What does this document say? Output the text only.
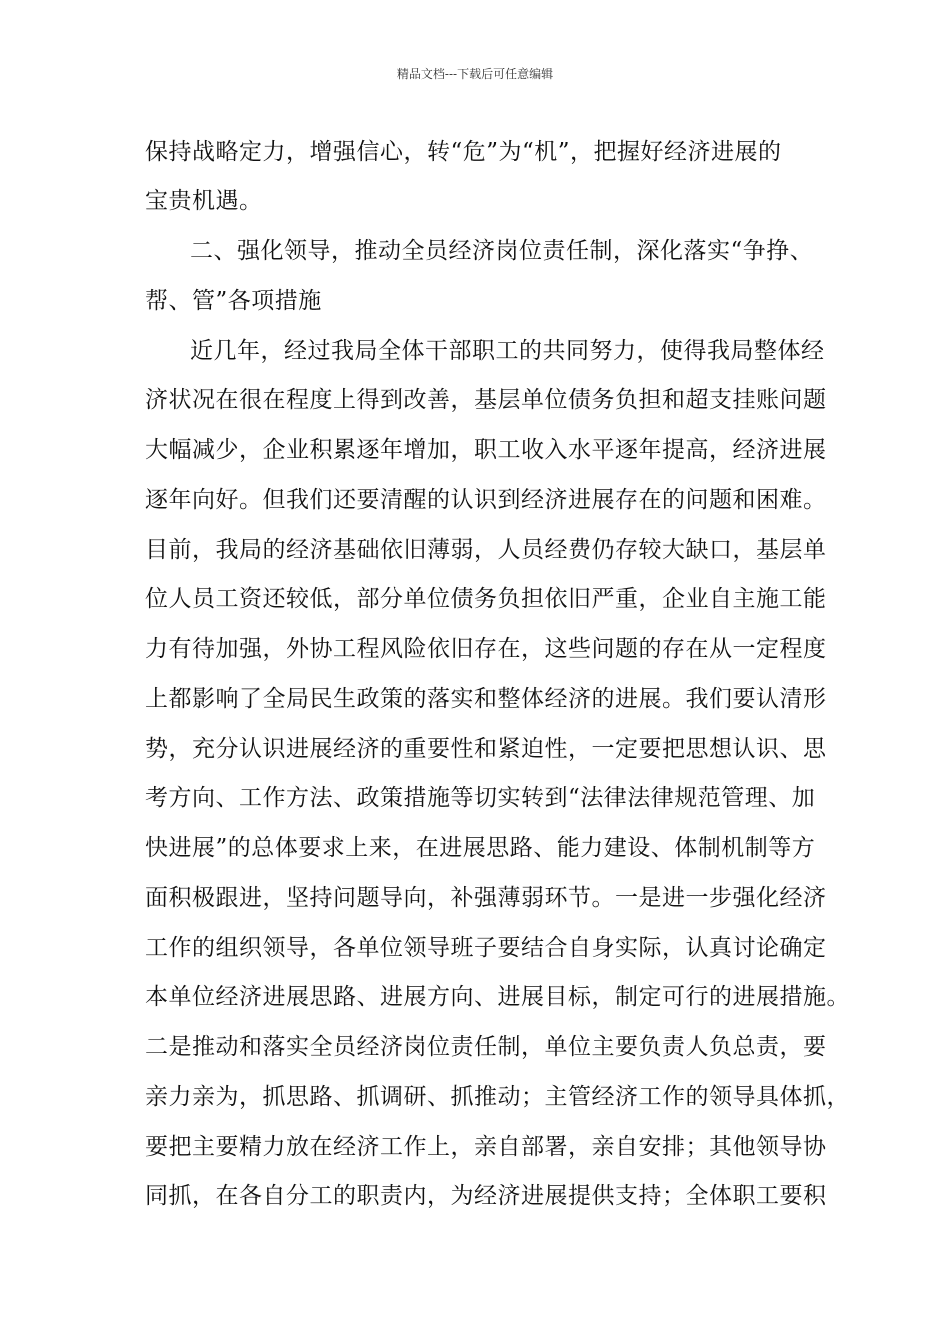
精品文档---下载后可任意编辑
保持战略定力，增强信心，转“危”为“机”，把握好经济进展的
宝贵机遇。
二、强化领导，推动全员经济岗位责任制，深化落实“争挣、
帮、管”各项措施
近几年，经过我局全体干部职工的共同努力，使得我局整体经
济状况在很在程度上得到改善，基层单位债务负担和超支挂账问题
大幅减少，企业积累逐年增加，职工收入水平逐年提高，经济进展
逐年向好。但我们还要清醒的认识到经济进展存在的问题和困难。
目前，我局的经济基础依旧薄弱，人员经费仍存较大缺口，基层单
位人员工资还较低，部分单位债务负担依旧严重，企业自主施工能
力有待加强，外协工程风险依旧存在，这些问题的存在从一定程度
上都影响了全局民生政策的落实和整体经济的进展。我们要认清形
势，充分认识进展经济的重要性和紧迫性，一定要把思想认识、思
考方向、工作方法、政策措施等切实转到“法律法律规范管理、加
快进展”的总体要求上来，在进展思路、能力建设、体制机制等方
面积极跟进，坚持问题导向，补强薄弱环节。一是进一步强化经济
工作的组织领导，各单位领导班子要结合自身实际，认真讨论确定
本单位经济进展思路、进展方向、进展目标，制定可行的进展措施。
二是推动和落实全员经济岗位责任制，单位主要负责人负总责，要
亲力亲为，抓思路、抓调研、抓推动；主管经济工作的领导具体抓，
要把主要精力放在经济工作上，亲自部署，亲自安排；其他领导协
同抓，在各自分工的职责内，为经济进展提供支持；全体职工要积
